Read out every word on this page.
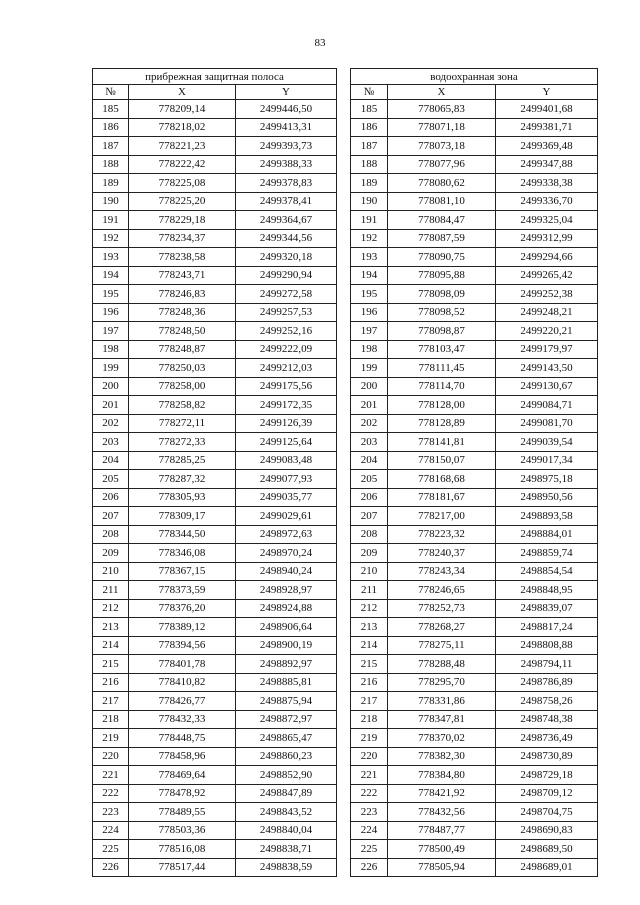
83
прибрежная защитная полоса		
№	X	Y
185	778209,14	2499446,50
186	778218,02	2499413,31
187	778221,23	2499393,73
188	778222,42	2499388,33
189	778225,08	2499378,83
190	778225,20	2499378,41
191	778229,18	2499364,67
192	778234,37	2499344,56
193	778238,58	2499320,18
194	778243,71	2499290,94
195	778246,83	2499272,58
196	778248,36	2499257,53
197	778248,50	2499252,16
198	778248,87	2499222,09
199	778250,03	2499212,03
200	778258,00	2499175,56
201	778258,82	2499172,35
202	778272,11	2499126,39
203	778272,33	2499125,64
204	778285,25	2499083,48
205	778287,32	2499077,93
206	778305,93	2499035,77
207	778309,17	2499029,61
208	778344,50	2498972,63
209	778346,08	2498970,24
210	778367,15	2498940,24
211	778373,59	2498928,97
212	778376,20	2498924,88
213	778389,12	2498906,64
214	778394,56	2498900,19
215	778401,78	2498892,97
216	778410,82	2498885,81
217	778426,77	2498875,94
218	778432,33	2498872,97
219	778448,75	2498865,47
220	778458,96	2498860,23
221	778469,64	2498852,90
222	778478,92	2498847,89
223	778489,55	2498843,52
224	778503,36	2498840,04
225	778516,08	2498838,71
226	778517,44	2498838,59
водоохранная зона		
№	X	Y
185	778065,83	2499401,68
186	778071,18	2499381,71
187	778073,18	2499369,48
188	778077,96	2499347,88
189	778080,62	2499338,38
190	778081,10	2499336,70
191	778084,47	2499325,04
192	778087,59	2499312,99
193	778090,75	2499294,66
194	778095,88	2499265,42
195	778098,09	2499252,38
196	778098,52	2499248,21
197	778098,87	2499220,21
198	778103,47	2499179,97
199	778111,45	2499143,50
200	778114,70	2499130,67
201	778128,00	2499084,71
202	778128,89	2499081,70
203	778141,81	2499039,54
204	778150,07	2499017,34
205	778168,68	2498975,18
206	778181,67	2498950,56
207	778217,00	2498893,58
208	778223,32	2498884,01
209	778240,37	2498859,74
210	778243,34	2498854,54
211	778246,65	2498848,95
212	778252,73	2498839,07
213	778268,27	2498817,24
214	778275,11	2498808,88
215	778288,48	2498794,11
216	778295,70	2498786,89
217	778331,86	2498758,26
218	778347,81	2498748,38
219	778370,02	2498736,49
220	778382,30	2498730,89
221	778384,80	2498729,18
222	778421,92	2498709,12
223	778432,56	2498704,75
224	778487,77	2498690,83
225	778500,49	2498689,50
226	778505,94	2498689,01
